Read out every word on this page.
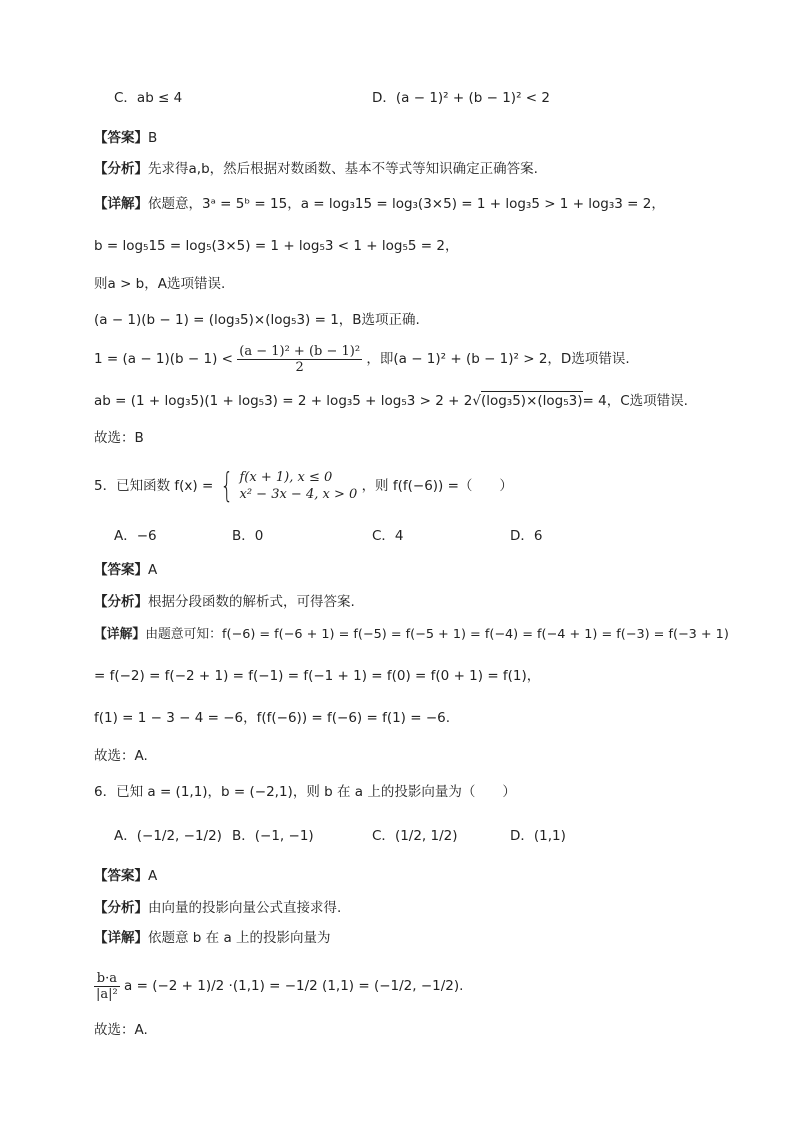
C．ab ≤ 4	D．(a − 1)² + (b − 1)² < 2
【答案】B
【分析】先求得a,b，然后根据对数函数、基本不等式等知识确定正确答案.
【详解】依题意，3ᵃ = 5ᵇ = 15，a = log₃15 = log₃(3×5) = 1 + log₃5 > 1 + log₃3 = 2，
b = log₅15 = log₅(3×5) = 1 + log₅3 < 1 + log₅5 = 2，
则a > b，A选项错误.
(a − 1)(b − 1) = (log₃5)×(log₅3) = 1，B选项正确.
$1 = (a - 1)(b - 1) < \frac{\text{(a − 1)² + (b − 1)²}}{2}$ ，即(a − 1)² + (b − 1)² > 2，D选项错误.
ab = (1 + log₃5)(1 + log₅3) = 2 + log₃5 + log₅3 > 2 + 2√(log₃5)×(log₅3)= 4，C选项错误.
故选：B
5．已知函数 f(x) = { f(x + 1), x ≤ 0
x² − 3x − 4, x > 0
，则 f(f(−6)) =（　　）
A．−6	B．0	C．4	D．6
【答案】A
【分析】根据分段函数的解析式，可得答案.
【详解】由题意可知：f(−6) = f(−6 + 1) = f(−5) = f(−5 + 1) = f(−4) = f(−4 + 1) = f(−3) = f(−3 + 1)
= f(−2) = f(−2 + 1) = f(−1) = f(−1 + 1) = f(0) = f(0 + 1) = f(1)，
f(1) = 1 − 3 − 4 = −6，f(f(−6)) = f(−6) = f(1) = −6.
故选：A.
6．已知 a = (1,1)，b = (−2,1)，则 b 在 a 上的投影向量为（　　）
A．(−1/2, −1/2) B．(−1, −1)	C．(1/2, 1/2)	D．(1,1)
【答案】A
【分析】由向量的投影向量公式直接求得.
【详解】依题意 b 在 a 上的投影向量为
$\frac{b\cdot a}{\text{|a|²}}$ a = (−2 + 1)/2 ·(1,1) = −1/2 (1,1) = (−1/2, −1/2).
故选：A.
